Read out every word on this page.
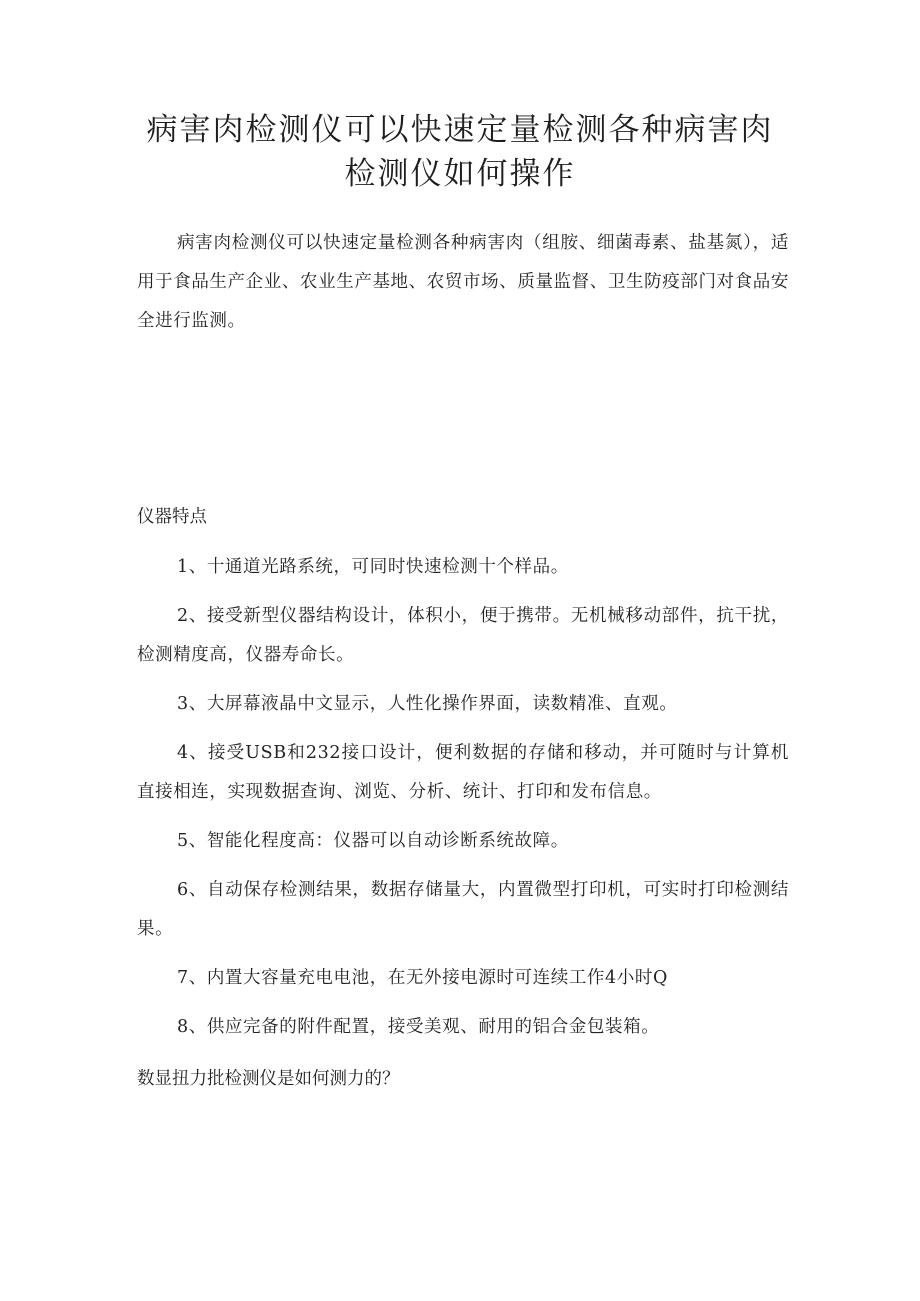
病害肉检测仪可以快速定量检测各种病害肉
检测仪如何操作

病害肉检测仪可以快速定量检测各种病害肉（组胺、细菌毒素、盐基氮），适用于食品生产企业、农业生产基地、农贸市场、质量监督、卫生防疫部门对食品安全进行监测。

仪器特点
1、十通道光路系统，可同时快速检测十个样品。
2、接受新型仪器结构设计，体积小，便于携带。无机械移动部件，抗干扰，检测精度高，仪器寿命长。
3、大屏幕液晶中文显示，人性化操作界面，读数精准、直观。
4、接受USB和232接口设计，便利数据的存储和移动，并可随时与计算机直接相连，实现数据查询、浏览、分析、统计、打印和发布信息。
5、智能化程度高：仪器可以自动诊断系统故障。
6、自动保存检测结果，数据存储量大，内置微型打印机，可实时打印检测结果。
7、内置大容量充电电池，在无外接电源时可连续工作4小时Q
8、供应完备的附件配置，接受美观、耐用的铝合金包装箱。

数显扭力批检测仪是如何测力的？
